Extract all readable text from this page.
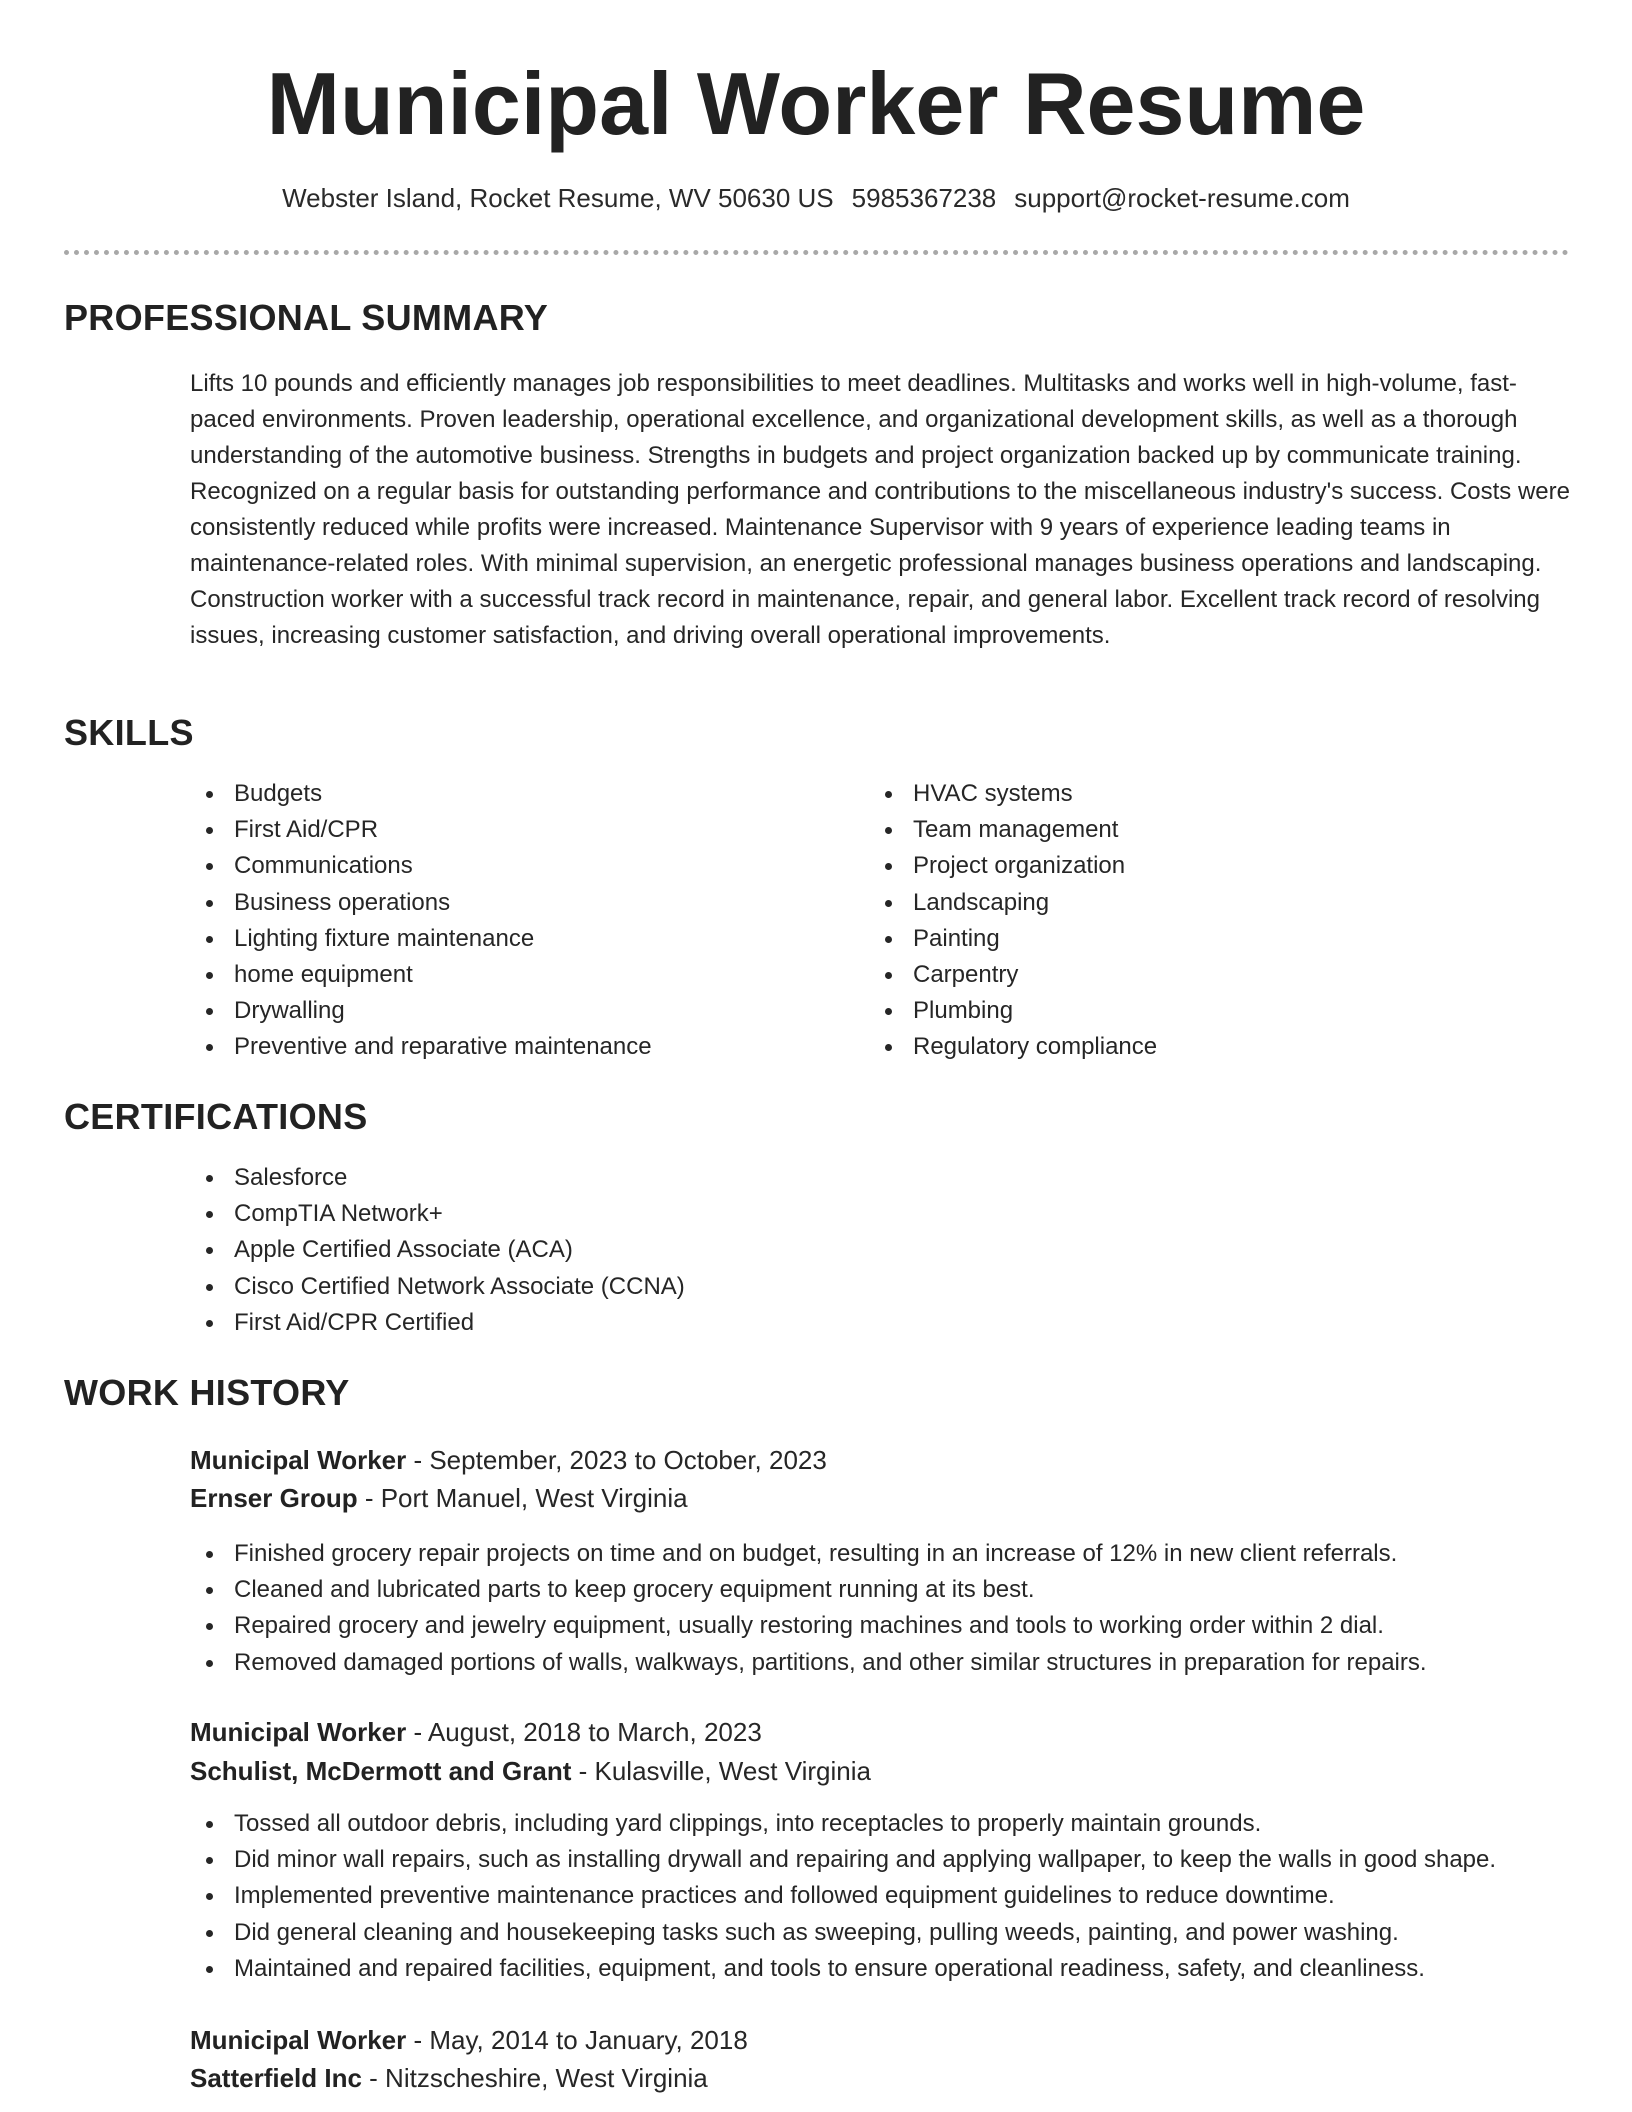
Municipal Worker Resume
Webster Island, Rocket Resume, WV 50630 US 5985367238 support@rocket-resume.com
PROFESSIONAL SUMMARY

Lifts 10 pounds and efficiently manages job responsibilities to meet deadlines. Multitasks and works well in high-volume, fast-paced environments. Proven leadership, operational excellence, and organizational development skills, as well as a thorough understanding of the automotive business. Strengths in budgets and project organization backed up by communicate training. Recognized on a regular basis for outstanding performance and contributions to the miscellaneous industry's success. Costs were consistently reduced while profits were increased. Maintenance Supervisor with 9 years of experience leading teams in maintenance-related roles. With minimal supervision, an energetic professional manages business operations and landscaping. Construction worker with a successful track record in maintenance, repair, and general labor. Excellent track record of resolving issues, increasing customer satisfaction, and driving overall operational improvements.

SKILLS
Budgets
First Aid/CPR
Communications
Business operations
Lighting fixture maintenance
home equipment
Drywalling
Preventive and reparative maintenance
HVAC systems
Team management
Project organization
Landscaping
Painting
Carpentry
Plumbing
Regulatory compliance
CERTIFICATIONS
Salesforce
CompTIA Network+
Apple Certified Associate (ACA)
Cisco Certified Network Associate (CCNA)
First Aid/CPR Certified
WORK HISTORY
Municipal Worker - September, 2023 to October, 2023
Ernser Group - Port Manuel, West Virginia
Finished grocery repair projects on time and on budget, resulting in an increase of 12% in new client referrals.
Cleaned and lubricated parts to keep grocery equipment running at its best.
Repaired grocery and jewelry equipment, usually restoring machines and tools to working order within 2 dial.
Removed damaged portions of walls, walkways, partitions, and other similar structures in preparation for repairs.
Municipal Worker - August, 2018 to March, 2023
Schulist, McDermott and Grant - Kulasville, West Virginia
Tossed all outdoor debris, including yard clippings, into receptacles to properly maintain grounds.
Did minor wall repairs, such as installing drywall and repairing and applying wallpaper, to keep the walls in good shape.
Implemented preventive maintenance practices and followed equipment guidelines to reduce downtime.
Did general cleaning and housekeeping tasks such as sweeping, pulling weeds, painting, and power washing.
Maintained and repaired facilities, equipment, and tools to ensure operational readiness, safety, and cleanliness.
Municipal Worker - May, 2014 to January, 2018
Satterfield Inc - Nitzscheshire, West Virginia
